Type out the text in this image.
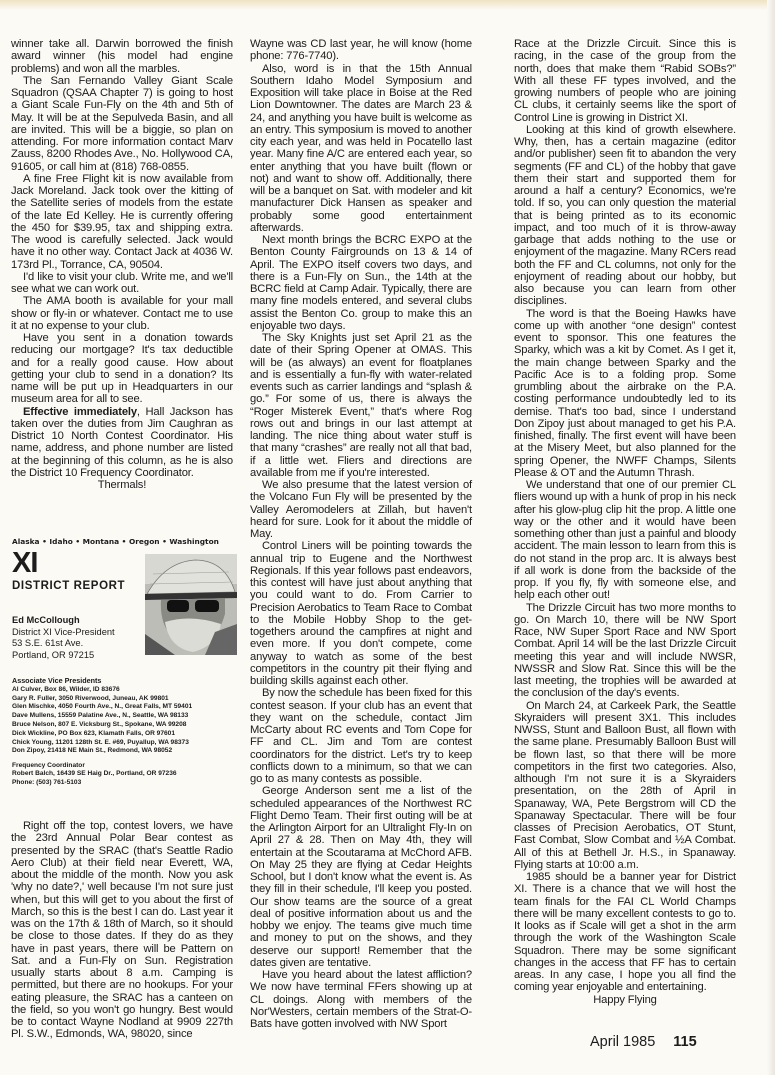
winner take all. Darwin borrowed the finish award winner (his model had engine problems) and won all the marbles.

The San Fernando Valley Giant Scale Squadron (QSAA Chapter 7) is going to host a Giant Scale Fun-Fly on the 4th and 5th of May. It will be at the Sepulveda Basin, and all are invited. This will be a biggie, so plan on attending. For more information contact Marv Zauss, 8200 Rhodes Ave., No. Hollywood CA, 91605, or call him at (818) 768-0855.

A fine Free Flight kit is now available from Jack Moreland. Jack took over the kitting of the Satellite series of models from the estate of the late Ed Kelley. He is currently offering the 450 for $39.95, tax and shipping extra. The wood is carefully selected. Jack would have it no other way. Contact Jack at 4036 W. 173rd Pl., Torrance, CA, 90504.

I'd like to visit your club. Write me, and we'll see what we can work out.

The AMA booth is available for your mall show or fly-in or whatever. Contact me to use it at no expense to your club.

Have you sent in a donation towards reducing our mortgage? It's tax deductible and for a really good cause. How about getting your club to send in a donation? Its name will be put up in Headquarters in our museum area for all to see.

Effective immediately, Hall Jackson has taken over the duties from Jim Caughran as District 10 North Contest Coordinator. His name, address, and phone number are listed at the beginning of this column, as he is also the District 10 Frequency Coordinator.

Thermals!

Alaska • Idaho • Montana • Oregon • Washington
XI
DISTRICT REPORT
Ed McCollough
District XI Vice-President
53 S.E. 61st Ave.
Portland, OR 97215
Associate Vice Presidents
Al Culver, Box 86, Wilder, ID 83676
Gary R. Fuller, 3050 Riverwood, Juneau, AK 99801
Glen Mischke, 4050 Fourth Ave., N., Great Falls, MT 59401
Dave Mullens, 15559 Palatine Ave., N., Seattle, WA 98133
Bruce Nelson, 807 E. Vicksburg St., Spokane, WA 99208
Dick Wickline, PO Box 623, Klamath Falls, OR 97601
Chick Young, 11201 128th St. E. #69, Puyallup, WA 98373
Don Zipoy, 21418 NE Main St., Redmond, WA 98052
Frequency Coordinator
Robert Balch, 16439 SE Haig Dr., Portland, OR 97236
Phone: (503) 761-5103

Right off the top, contest lovers, we have the 23rd Annual Polar Bear contest as presented by the SRAC (that's Seattle Radio Aero Club) at their field near Everett, WA, about the middle of the month. Now you ask 'why no date?,' well because I'm not sure just when, but this will get to you about the first of March, so this is the best I can do. Last year it was on the 17th & 18th of March, so it should be close to those dates. If they do as they have in past years, there will be Pattern on Sat. and a Fun-Fly on Sun. Registration usually starts about 8 a.m. Camping is permitted, but there are no hookups. For your eating pleasure, the SRAC has a canteen on the field, so you won't go hungry. Best would be to contact Wayne Nodland at 9909 227th Pl. S.W., Edmonds, WA, 98020, since

Wayne was CD last year, he will know (home phone: 776-7740).

Also, word is in that the 15th Annual Southern Idaho Model Symposium and Exposition will take place in Boise at the Red Lion Downtowner. The dates are March 23 & 24, and anything you have built is welcome as an entry. This symposium is moved to another city each year, and was held in Pocatello last year. Many fine A/C are entered each year, so enter anything that you have built (flown or not) and want to show off. Additionally, there will be a banquet on Sat. with modeler and kit manufacturer Dick Hansen as speaker and probably some good entertainment afterwards.

Next month brings the BCRC EXPO at the Benton County Fairgrounds on 13 & 14 of April. The EXPO itself covers two days, and there is a Fun-Fly on Sun., the 14th at the BCRC field at Camp Adair. Typically, there are many fine models entered, and several clubs assist the Benton Co. group to make this an enjoyable two days.

The Sky Knights just set April 21 as the date of their Spring Opener at OMAS. This will be (as always) an event for floatplanes and is essentially a fun-fly with water-related events such as carrier landings and “splash & go.” For some of us, there is always the “Roger Misterek Event,” that's where Rog rows out and brings in our last attempt at landing. The nice thing about water stuff is that many “crashes” are really not all that bad, if a little wet. Fliers and directions are available from me if you're interested.

We also presume that the latest version of the Volcano Fun Fly will be presented by the Valley Aeromodelers at Zillah, but haven't heard for sure. Look for it about the middle of May.

Control Liners will be pointing towards the annual trip to Eugene and the Northwest Regionals. If this year follows past endeavors, this contest will have just about anything that you could want to do. From Carrier to Precision Aerobatics to Team Race to Combat to the Mobile Hobby Shop to the get-togethers around the campfires at night and even more. If you don't compete, come anyway to watch as some of the best competitors in the country pit their flying and building skills against each other.

By now the schedule has been fixed for this contest season. If your club has an event that they want on the schedule, contact Jim McCarty about RC events and Tom Cope for FF and CL. Jim and Tom are contest coordinators for the district. Let's try to keep conflicts down to a minimum, so that we can go to as many contests as possible.

George Anderson sent me a list of the scheduled appearances of the Northwest RC Flight Demo Team. Their first outing will be at the Arlington Airport for an Ultralight Fly-In on April 27 & 28. Then on May 4th, they will entertain at the Scoutarama at McChord AFB. On May 25 they are flying at Cedar Heights School, but I don't know what the event is. As they fill in their schedule, I'll keep you posted. Our show teams are the source of a great deal of positive information about us and the hobby we enjoy. The teams give much time and money to put on the shows, and they deserve our support! Remember that the dates given are tentative.

Have you heard about the latest affliction? We now have terminal FFers showing up at CL doings. Along with members of the Nor'Westers, certain members of the Strat-O-Bats have gotten involved with NW Sport

Race at the Drizzle Circuit. Since this is racing, in the case of the group from the north, does that make them “Rabid SOBs?” With all these FF types involved, and the growing numbers of people who are joining CL clubs, it certainly seems like the sport of Control Line is growing in District XI.

Looking at this kind of growth elsewhere. Why, then, has a certain magazine (editor and/or publisher) seen fit to abandon the very segments (FF and CL) of the hobby that gave them their start and supported them for around a half a century? Economics, we're told. If so, you can only question the material that is being printed as to its economic impact, and too much of it is throw-away garbage that adds nothing to the use or enjoyment of the magazine. Many RCers read both the FF and CL columns, not only for the enjoyment of reading about our hobby, but also because you can learn from other disciplines.

The word is that the Boeing Hawks have come up with another “one design” contest event to sponsor. This one features the Sparky, which was a kit by Comet. As I get it, the main change between Sparky and the Pacific Ace is to a folding prop. Some grumbling about the airbrake on the P.A. costing performance undoubtedly led to its demise. That's too bad, since I understand Don Zipoy just about managed to get his P.A. finished, finally. The first event will have been at the Misery Meet, but also planned for the spring Opener, the NWFF Champs, Silents Please & OT and the Autumn Thrash.

We understand that one of our premier CL fliers wound up with a hunk of prop in his neck after his glow-plug clip hit the prop. A little one way or the other and it would have been something other than just a painful and bloody accident. The main lesson to learn from this is do not stand in the prop arc. It is always best if all work is done from the backside of the prop. If you fly, fly with someone else, and help each other out!

The Drizzle Circuit has two more months to go. On March 10, there will be NW Sport Race, NW Super Sport Race and NW Sport Combat. April 14 will be the last Drizzle Circuit meeting this year and will include NWSR, NWSSR and Slow Rat. Since this will be the last meeting, the trophies will be awarded at the conclusion of the day's events.

On March 24, at Carkeek Park, the Seattle Skyraiders will present 3X1. This includes NWSS, Stunt and Balloon Bust, all flown with the same plane. Presumably Balloon Bust will be flown last, so that there will be more competitors in the first two categories. Also, although I'm not sure it is a Skyraiders presentation, on the 28th of April in Spanaway, WA, Pete Bergstrom will CD the Spanaway Spectacular. There will be four classes of Precision Aerobatics, OT Stunt, Fast Combat, Slow Combat and ½A Combat. All of this at Bethell Jr. H.S., in Spanaway. Flying starts at 10:00 a.m.

1985 should be a banner year for District XI. There is a chance that we will host the team finals for the FAI CL World Champs there will be many excellent contests to go to. It looks as if Scale will get a shot in the arm through the work of the Washington Scale Squadron. There may be some significant changes in the access that FF has to certain areas. In any case, I hope you all find the coming year enjoyable and entertaining.

Happy Flying

April 1985 115
